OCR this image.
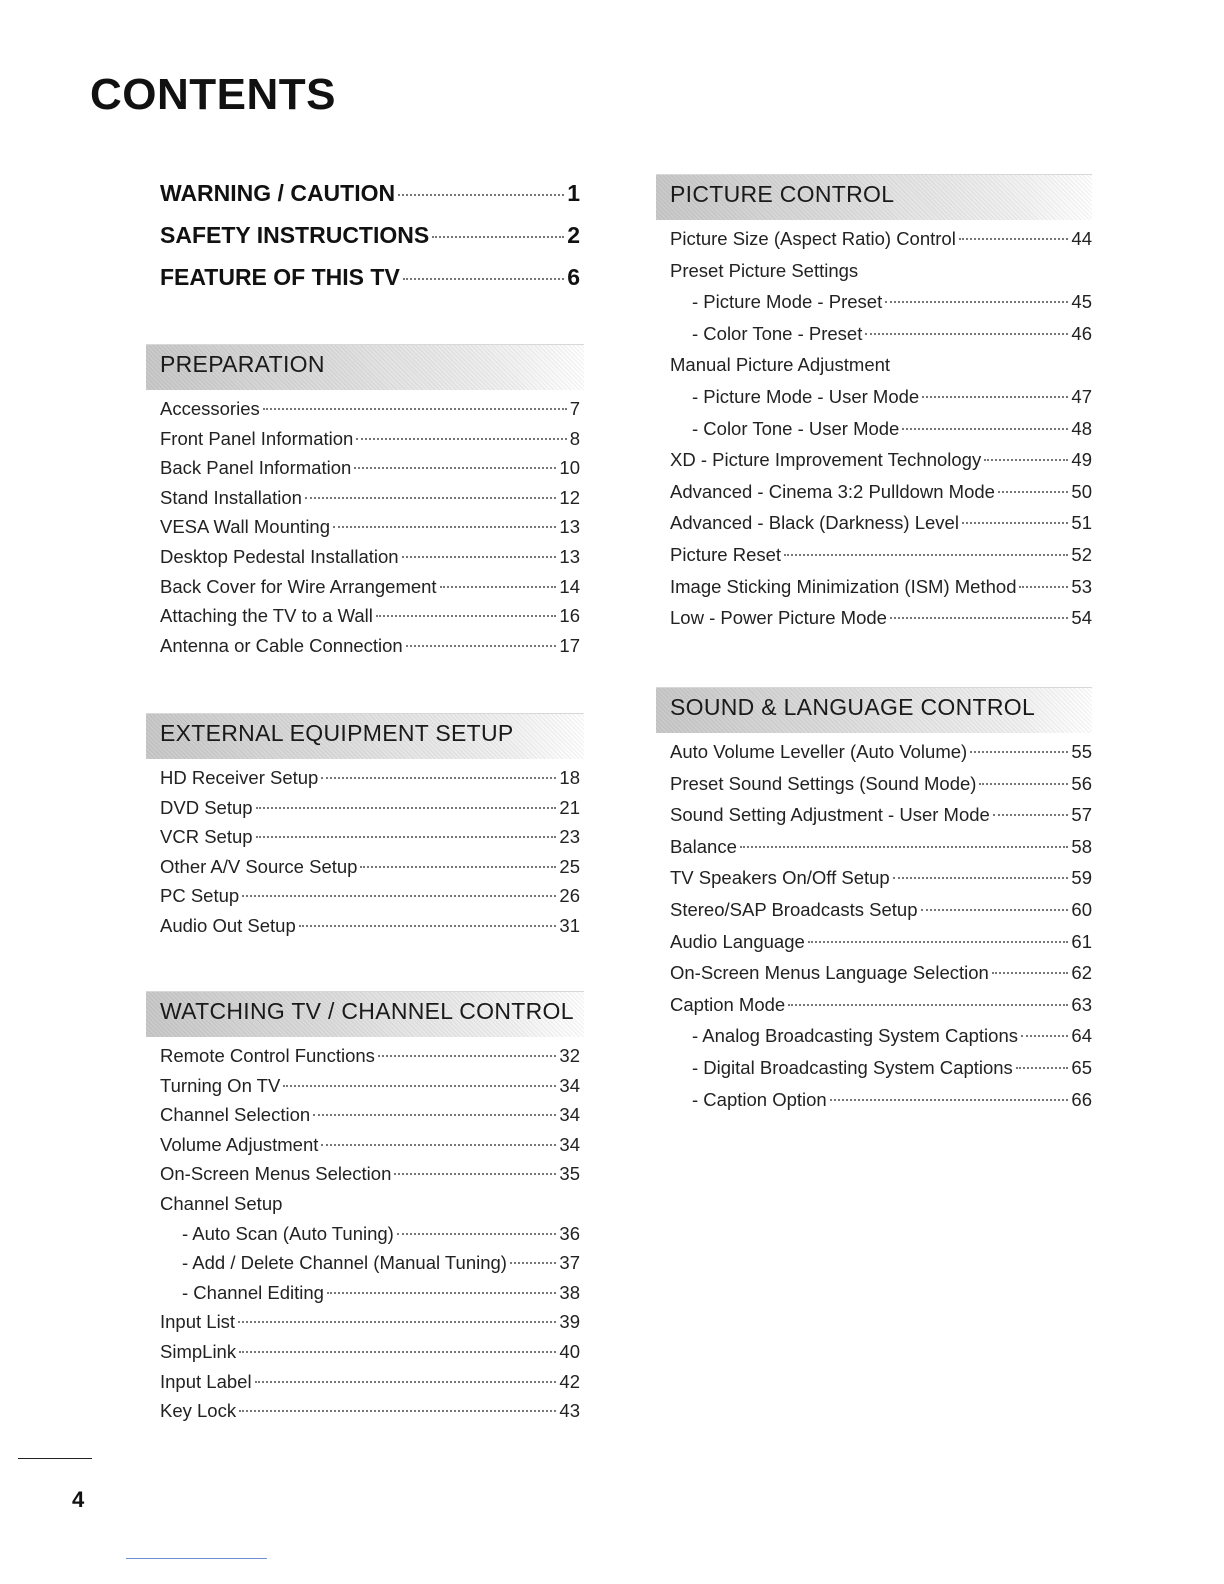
CONTENTS
WARNING / CAUTION	1
SAFETY INSTRUCTIONS	2
FEATURE OF THIS TV	6
PREPARATION
Accessories	7
Front Panel Information	8
Back Panel Information	10
Stand Installation	12
VESA Wall Mounting	13
Desktop Pedestal Installation	13
Back Cover for Wire Arrangement	14
Attaching the TV to a Wall	16
Antenna or Cable Connection	17
EXTERNAL EQUIPMENT SETUP
HD Receiver Setup	18
DVD Setup	21
VCR Setup	23
Other A/V Source Setup	25
PC Setup	26
Audio Out Setup	31
WATCHING TV / CHANNEL CONTROL
Remote Control Functions	32
Turning On TV	34
Channel Selection	34
Volume Adjustment	34
On-Screen Menus Selection	35
Channel Setup
- Auto Scan (Auto Tuning)	36
- Add / Delete Channel (Manual Tuning)	37
- Channel Editing	38
Input List	39
SimpLink	40
Input Label	42
Key Lock	43
PICTURE CONTROL
Picture Size (Aspect Ratio) Control	44
Preset Picture Settings
- Picture Mode - Preset	45
- Color Tone - Preset	46
Manual Picture Adjustment
- Picture Mode - User Mode	47
- Color Tone - User Mode	48
XD - Picture Improvement Technology	49
Advanced - Cinema 3:2 Pulldown Mode	50
Advanced - Black (Darkness) Level	51
Picture Reset	52
Image Sticking Minimization (ISM) Method	53
Low - Power Picture Mode	54
SOUND & LANGUAGE CONTROL
Auto Volume Leveller (Auto Volume)	55
Preset Sound Settings (Sound Mode)	56
Sound Setting Adjustment - User Mode	57
Balance	58
TV Speakers On/Off Setup	59
Stereo/SAP Broadcasts Setup	60
Audio Language	61
On-Screen Menus Language Selection	62
Caption Mode	63
- Analog Broadcasting System Captions	64
- Digital Broadcasting System Captions	65
- Caption Option	66
4
